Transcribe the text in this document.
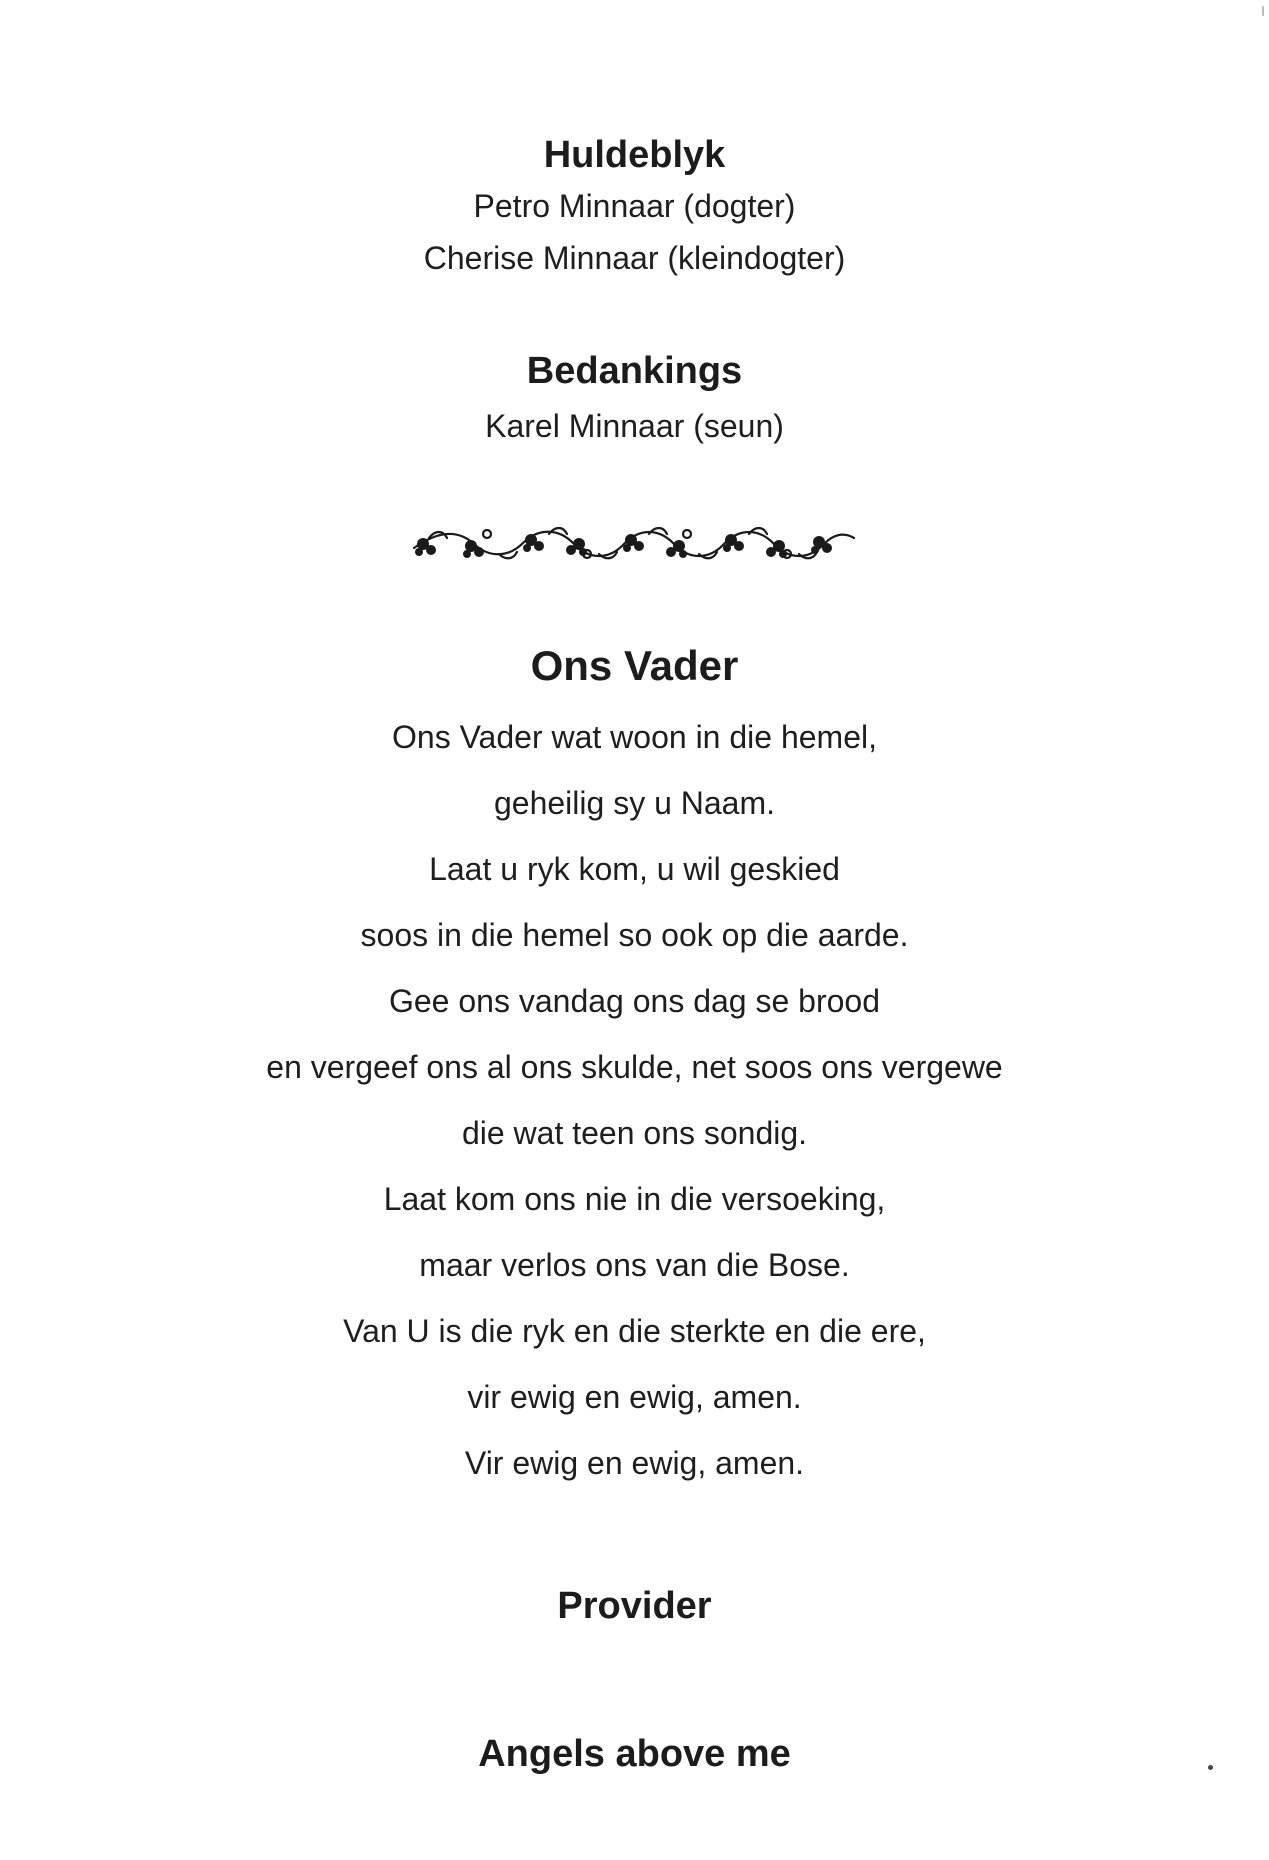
Huldeblyk
Petro Minnaar (dogter)
Cherise Minnaar (kleindogter)
Bedankings
Karel Minnaar (seun)
Ons Vader
Ons Vader wat woon in die hemel,
geheilig sy u Naam.
Laat u ryk kom, u wil geskied
soos in die hemel so ook op die aarde.
Gee ons vandag ons dag se brood
en vergeef ons al ons skulde, net soos ons vergewe
die wat teen ons sondig.
Laat kom ons nie in die versoeking,
maar verlos ons van die Bose.
Van U is die ryk en die sterkte en die ere,
vir ewig en ewig, amen.
Vir ewig en ewig, amen.
Provider
Angels above me
